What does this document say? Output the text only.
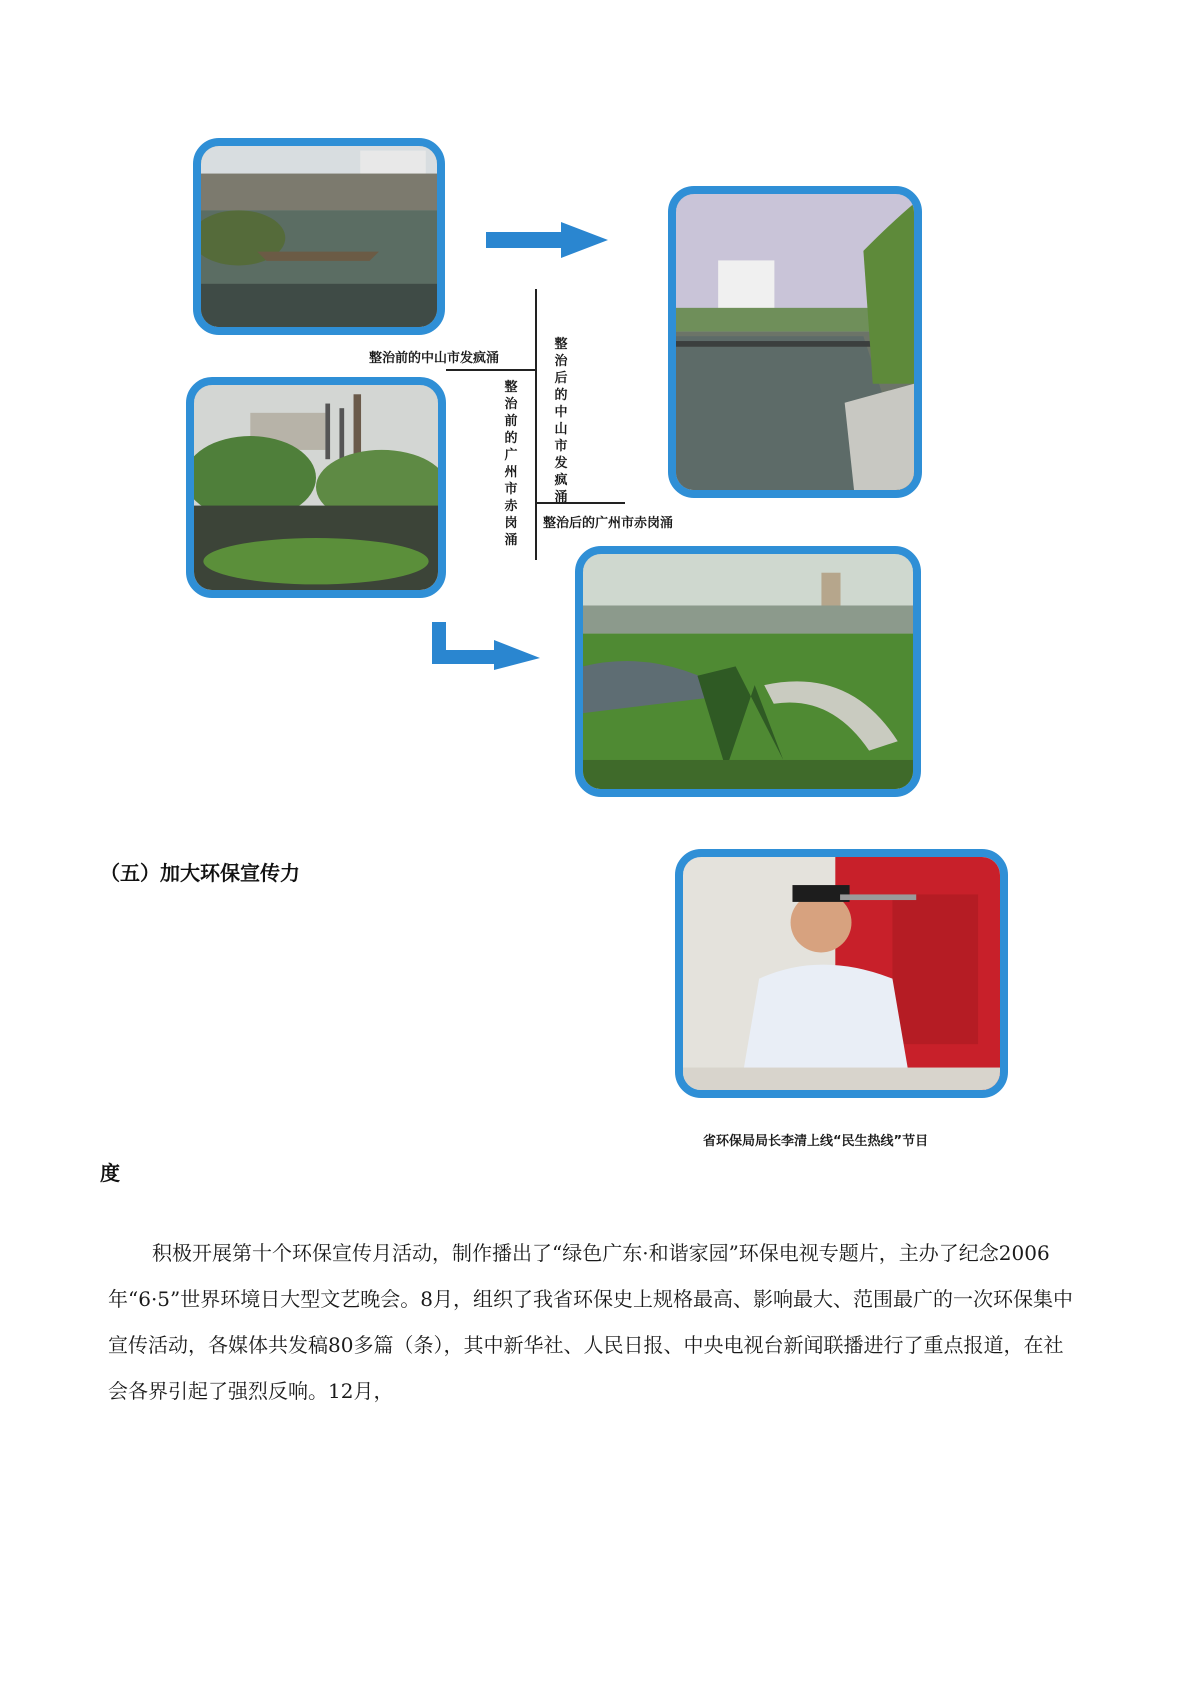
整治前的中山市发疯涌
整治后的中山市发疯涌
整治前的广州市赤岗涌
整治后的广州市赤岗涌
（五）加大环保宣传力
度
省环保局局长李清上线“民生热线”节目
积极开展第十个环保宣传月活动，制作播出了“绿色广东·和谐家园”环保电视专题片，主办了纪念2006年“6·5”世界环境日大型文艺晚会。8月，组织了我省环保史上规格最高、影响最大、范围最广的一次环保集中宣传活动，各媒体共发稿80多篇（条），其中新华社、人民日报、中央电视台新闻联播进行了重点报道，在社会各界引起了强烈反响。12月，
